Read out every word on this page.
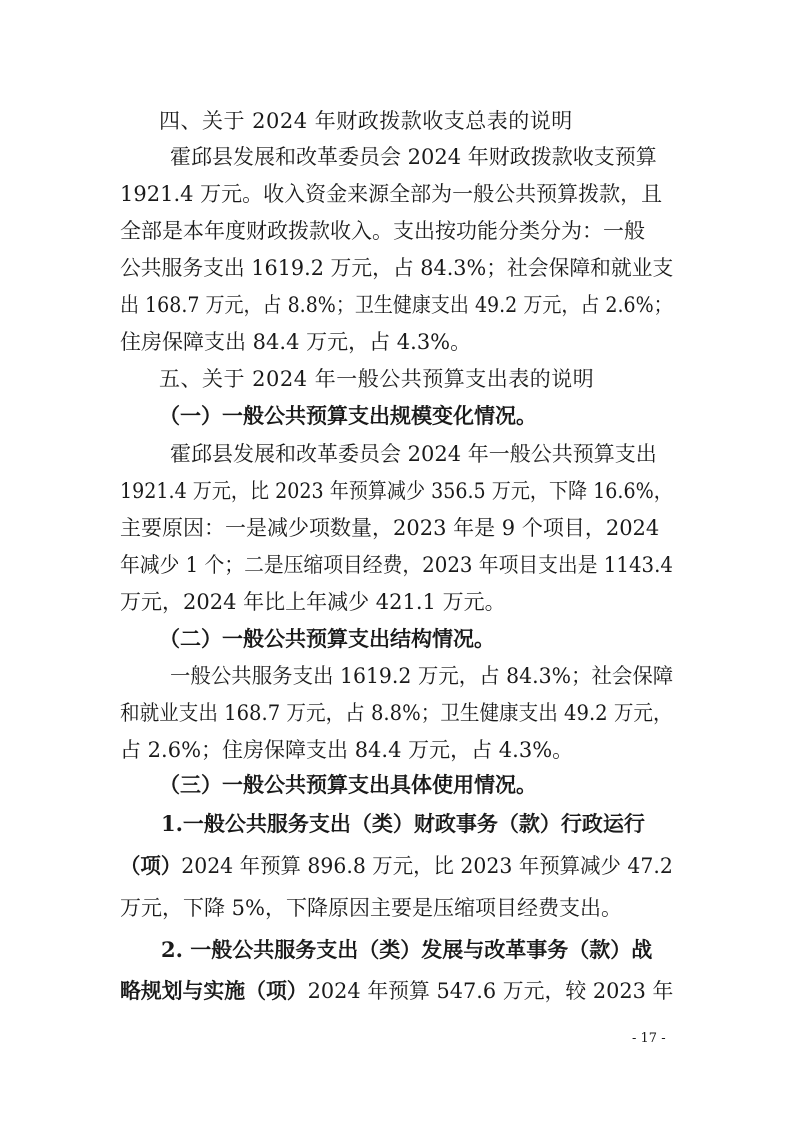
四、关于 2024 年财政拨款收支总表的说明
霍邱县发展和改革委员会 2024 年财政拨款收支预算
1921.4 万元。收入资金来源全部为一般公共预算拨款，且
全部是本年度财政拨款收入。支出按功能分类分为：一般
公共服务支出 1619.2 万元，占 84.3%；社会保障和就业支
出 168.7 万元，占 8.8%；卫生健康支出 49.2 万元，占 2.6%；
住房保障支出 84.4 万元，占 4.3%。
五、关于 2024 年一般公共预算支出表的说明
（一）一般公共预算支出规模变化情况。
霍邱县发展和改革委员会 2024 年一般公共预算支出
1921.4 万元，比 2023 年预算减少 356.5 万元，下降 16.6%，
主要原因：一是减少项数量，2023 年是 9 个项目，2024
年减少 1 个；二是压缩项目经费，2023 年项目支出是 1143.4
万元，2024 年比上年减少 421.1 万元。
（二）一般公共预算支出结构情况。
一般公共服务支出 1619.2 万元，占 84.3%；社会保障
和就业支出 168.7 万元，占 8.8%；卫生健康支出 49.2 万元，
占 2.6%；住房保障支出 84.4 万元，占 4.3%。
（三）一般公共预算支出具体使用情况。
1.一般公共服务支出（类）财政事务（款）行政运行
（项）2024 年预算 896.8 万元，比 2023 年预算减少 47.2
万元，下降 5%，下降原因主要是压缩项目经费支出。
2. 一般公共服务支出（类）发展与改革事务（款）战
略规划与实施（项）2024 年预算 547.6 万元，较 2023 年
- 17 -
